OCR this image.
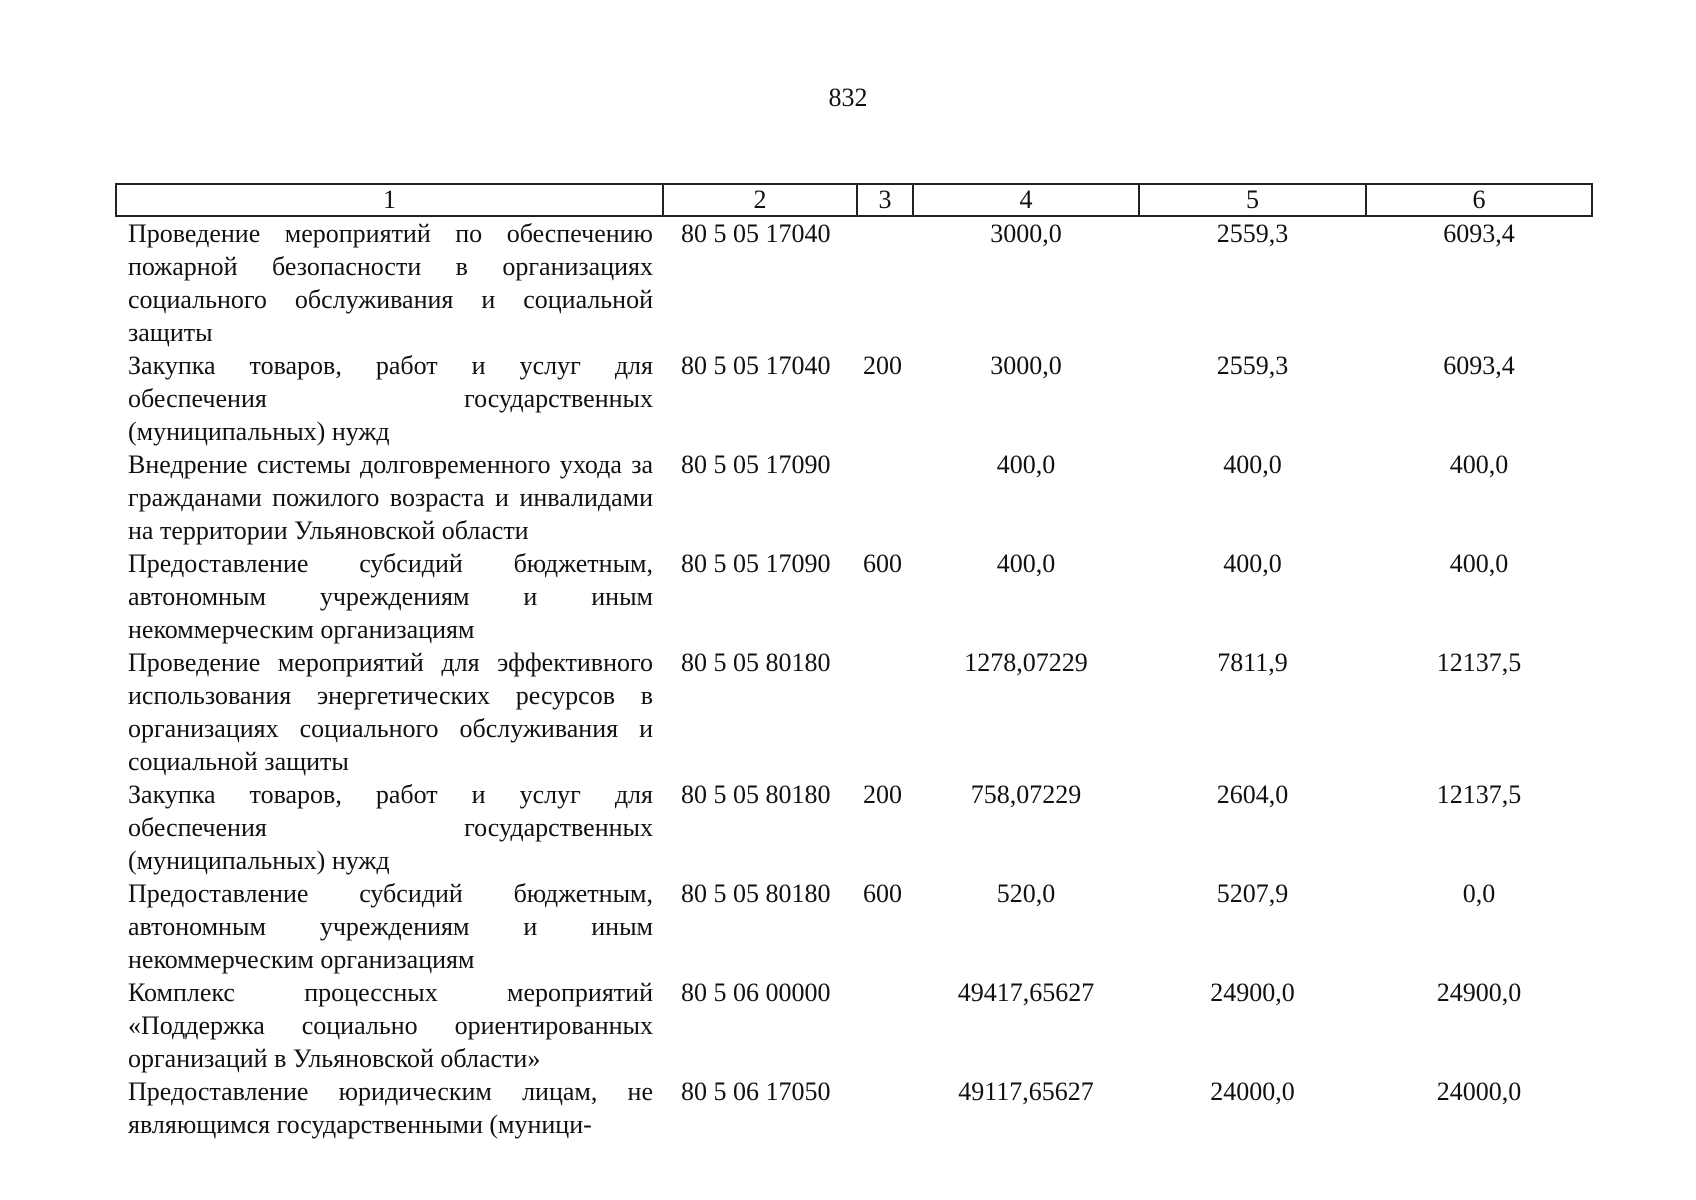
832
1	2	3	4	5	6
Проведение мероприятий по обеспечению пожарной безопасности в организациях социального обслуживания и социальной защиты	80 5 05 17040		3000,0	2559,3	6093,4
Закупка товаров, работ и услуг для обеспечения государственных (муниципальных) нужд	80 5 05 17040	200	3000,0	2559,3	6093,4
Внедрение системы долговременного ухода за гражданами пожилого возраста и инвалидами на территории Ульяновской области	80 5 05 17090		400,0	400,0	400,0
Предоставление субсидий бюджетным, автономным учреждениям и иным некоммерческим организациям	80 5 05 17090	600	400,0	400,0	400,0
Проведение мероприятий для эффективного использования энергетических ресурсов в организациях социального обслуживания и социальной защиты	80 5 05 80180		1278,07229	7811,9	12137,5
Закупка товаров, работ и услуг для обеспечения государственных (муниципальных) нужд	80 5 05 80180	200	758,07229	2604,0	12137,5
Предоставление субсидий бюджетным, автономным учреждениям и иным некоммерческим организациям	80 5 05 80180	600	520,0	5207,9	0,0
Комплекс процессных мероприятий «Поддержка социально ориентированных организаций в Ульяновской области»	80 5 06 00000		49417,65627	24900,0	24900,0
Предоставление юридическим лицам, не являющимся государственными (муници-	80 5 06 17050		49117,65627	24000,0	24000,0
